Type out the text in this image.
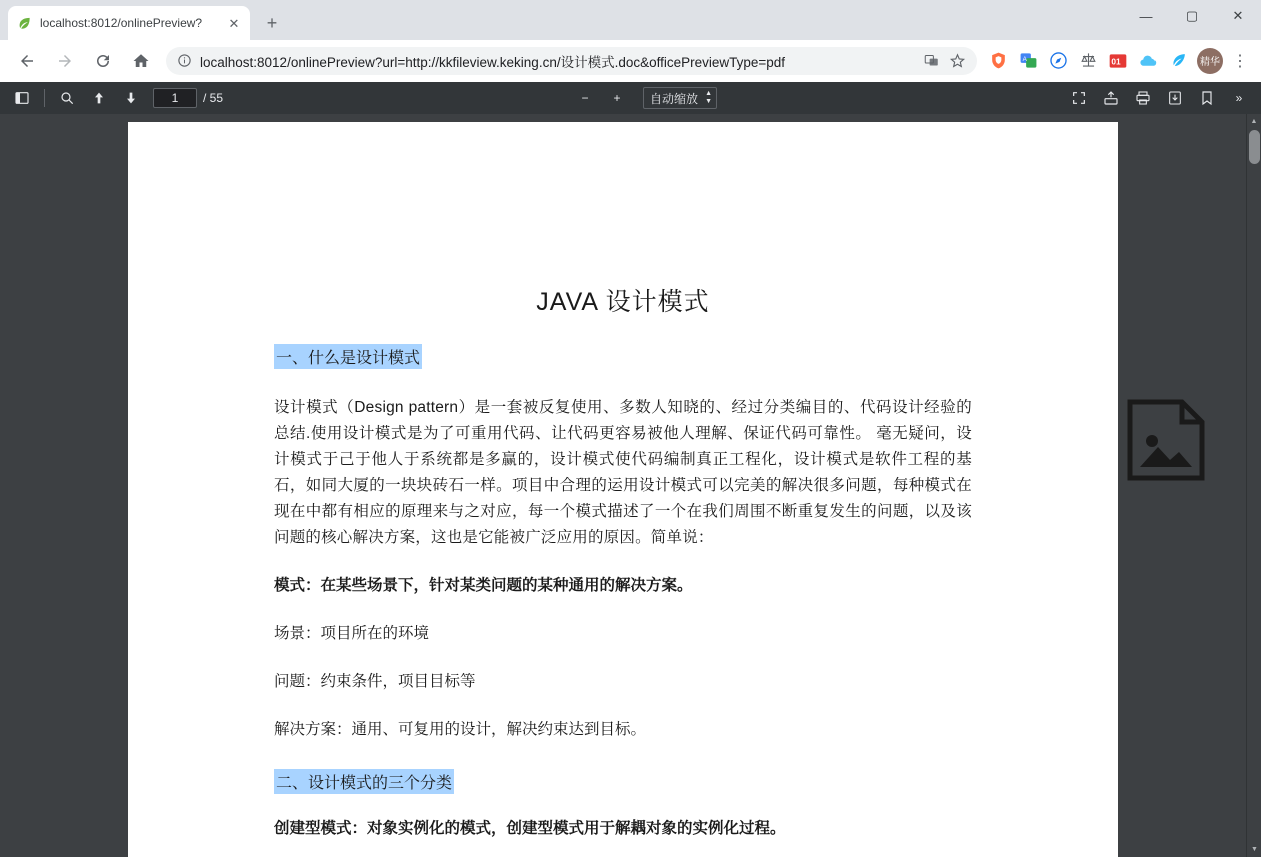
localhost:8012/onlinePreview?	✕	+	—	▢	✕
localhost:8012/onlinePreview?url=http://kkfileview.keking.cn/设计模式.doc&officePreviewType=pdf	A	01	精华 ⋮
1	/ 55	−	+	自动缩放 ▲
▼	»
JAVA 设计模式
一、什么是设计模式
设计模式（Design pattern）是一套被反复使用、多数人知晓的、经过分类编目的、代码设计经验的总结.使用设计模式是为了可重用代码、让代码更容易被他人理解、保证代码可靠性。 毫无疑问，设计模式于己于他人于系统都是多赢的，设计模式使代码编制真正工程化，设计模式是软件工程的基石，如同大厦的一块块砖石一样。项目中合理的运用设计模式可以完美的解决很多问题，每种模式在现在中都有相应的原理来与之对应，每一个模式描述了一个在我们周围不断重复发生的问题，以及该问题的核心解决方案，这也是它能被广泛应用的原因。简单说：
模式：在某些场景下，针对某类问题的某种通用的解决方案。
场景：项目所在的环境
问题：约束条件，项目目标等
解决方案：通用、可复用的设计，解决约束达到目标。
二、设计模式的三个分类
创建型模式：对象实例化的模式，创建型模式用于解耦对象的实例化过程。
▲
▼
